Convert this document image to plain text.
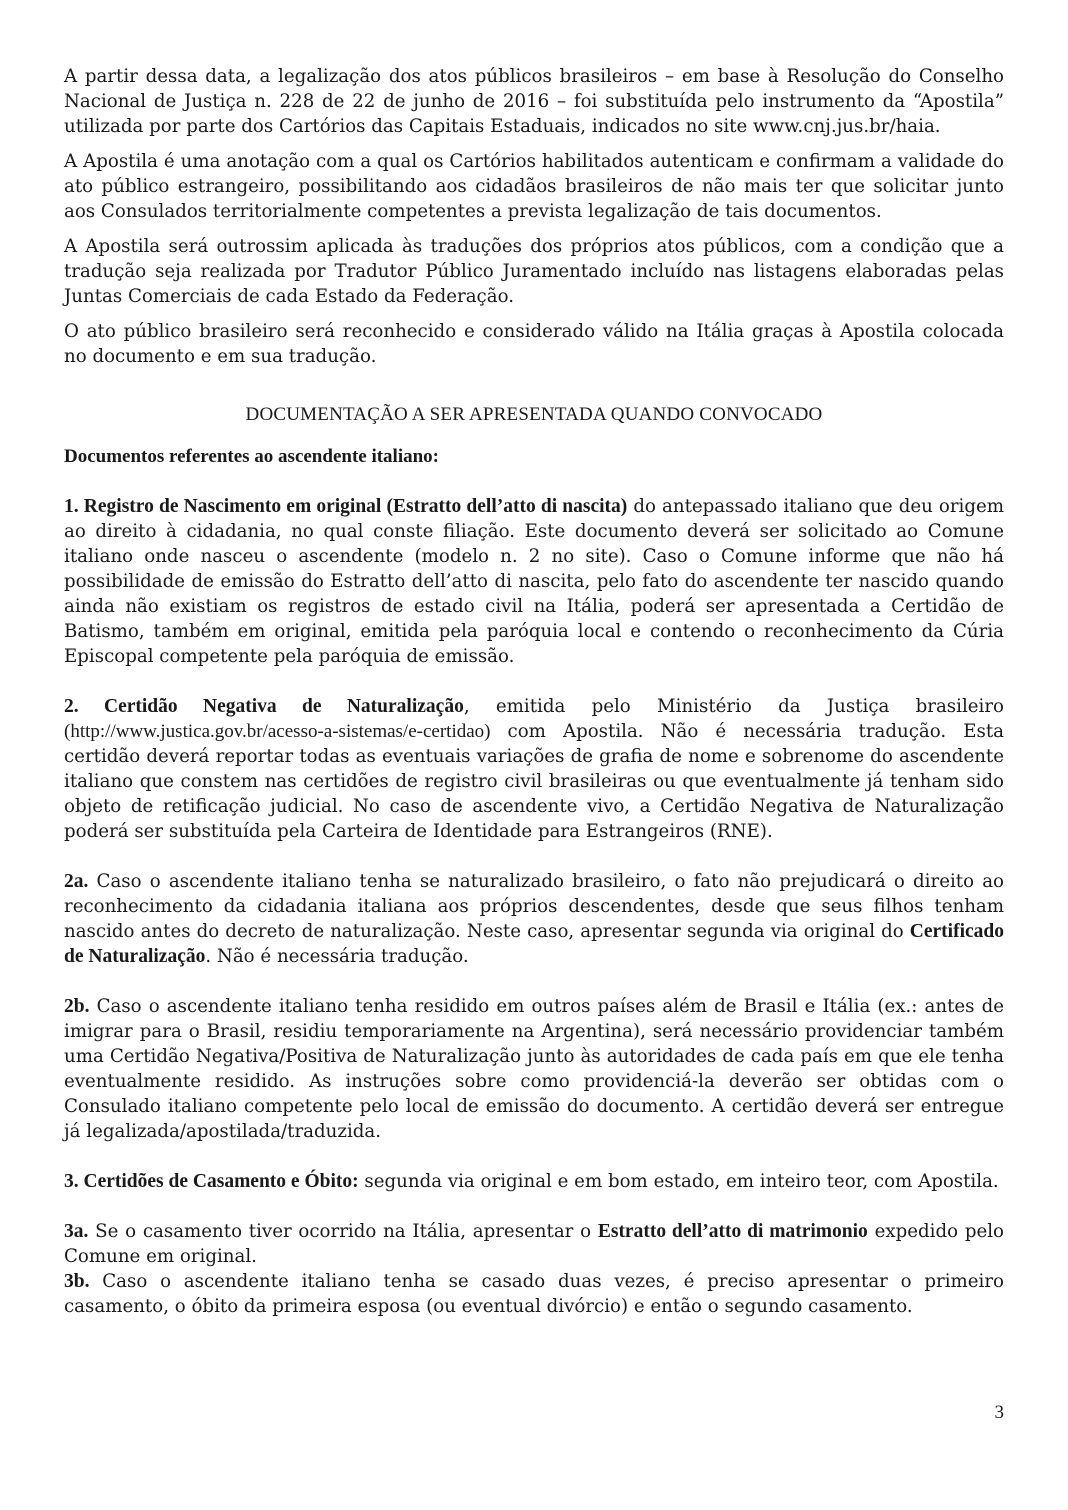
A partir dessa data, a legalização dos atos públicos brasileiros – em base à Resolução do Conselho Nacional de Justiça n. 228 de 22 de junho de 2016 – foi substituída pelo instrumento da “Apostila” utilizada por parte dos Cartórios das Capitais Estaduais, indicados no site www.cnj.jus.br/haia.

A Apostila é uma anotação com a qual os Cartórios habilitados autenticam e confirmam a validade do ato público estrangeiro, possibilitando aos cidadãos brasileiros de não mais ter que solicitar junto aos Consulados territorialmente competentes a prevista legalização de tais documentos.

A Apostila será outrossim aplicada às traduções dos próprios atos públicos, com a condição que a tradução seja realizada por Tradutor Público Juramentado incluído nas listagens elaboradas pelas Juntas Comerciais de cada Estado da Federação.

O ato público brasileiro será reconhecido e considerado válido na Itália graças à Apostila colocada no documento e em sua tradução.

DOCUMENTAÇÃO A SER APRESENTADA QUANDO CONVOCADO

Documentos referentes ao ascendente italiano:

1. Registro de Nascimento em original (Estratto dell’atto di nascita) do antepassado italiano que deu origem ao direito à cidadania, no qual conste filiação. Este documento deverá ser solicitado ao Comune italiano onde nasceu o ascendente (modelo n. 2 no site). Caso o Comune informe que não há possibilidade de emissão do Estratto dell’atto di nascita, pelo fato do ascendente ter nascido quando ainda não existiam os registros de estado civil na Itália, poderá ser apresentada a Certidão de Batismo, também em original, emitida pela paróquia local e contendo o reconhecimento da Cúria Episcopal competente pela paróquia de emissão.

2. Certidão Negativa de Naturalização, emitida pelo Ministério da Justiça brasileiro (http://www.justica.gov.br/acesso-a-sistemas/e-certidao) com Apostila. Não é necessária tradução. Esta certidão deverá reportar todas as eventuais variações de grafia de nome e sobrenome do ascendente italiano que constem nas certidões de registro civil brasileiras ou que eventualmente já tenham sido objeto de retificação judicial. No caso de ascendente vivo, a Certidão Negativa de Naturalização poderá ser substituída pela Carteira de Identidade para Estrangeiros (RNE).

2a. Caso o ascendente italiano tenha se naturalizado brasileiro, o fato não prejudicará o direito ao reconhecimento da cidadania italiana aos próprios descendentes, desde que seus filhos tenham nascido antes do decreto de naturalização. Neste caso, apresentar segunda via original do Certificado de Naturalização. Não é necessária tradução.

2b. Caso o ascendente italiano tenha residido em outros países além de Brasil e Itália (ex.: antes de imigrar para o Brasil, residiu temporariamente na Argentina), será necessário providenciar também uma Certidão Negativa/Positiva de Naturalização junto às autoridades de cada país em que ele tenha eventualmente residido. As instruções sobre como providenciá-la deverão ser obtidas com o Consulado italiano competente pelo local de emissão do documento. A certidão deverá ser entregue já legalizada/apostilada/traduzida.

3. Certidões de Casamento e Óbito: segunda via original e em bom estado, em inteiro teor, com Apostila.

3a. Se o casamento tiver ocorrido na Itália, apresentar o Estratto dell’atto di matrimonio expedido pelo Comune em original.

3b. Caso o ascendente italiano tenha se casado duas vezes, é preciso apresentar o primeiro casamento, o óbito da primeira esposa (ou eventual divórcio) e então o segundo casamento.

3
